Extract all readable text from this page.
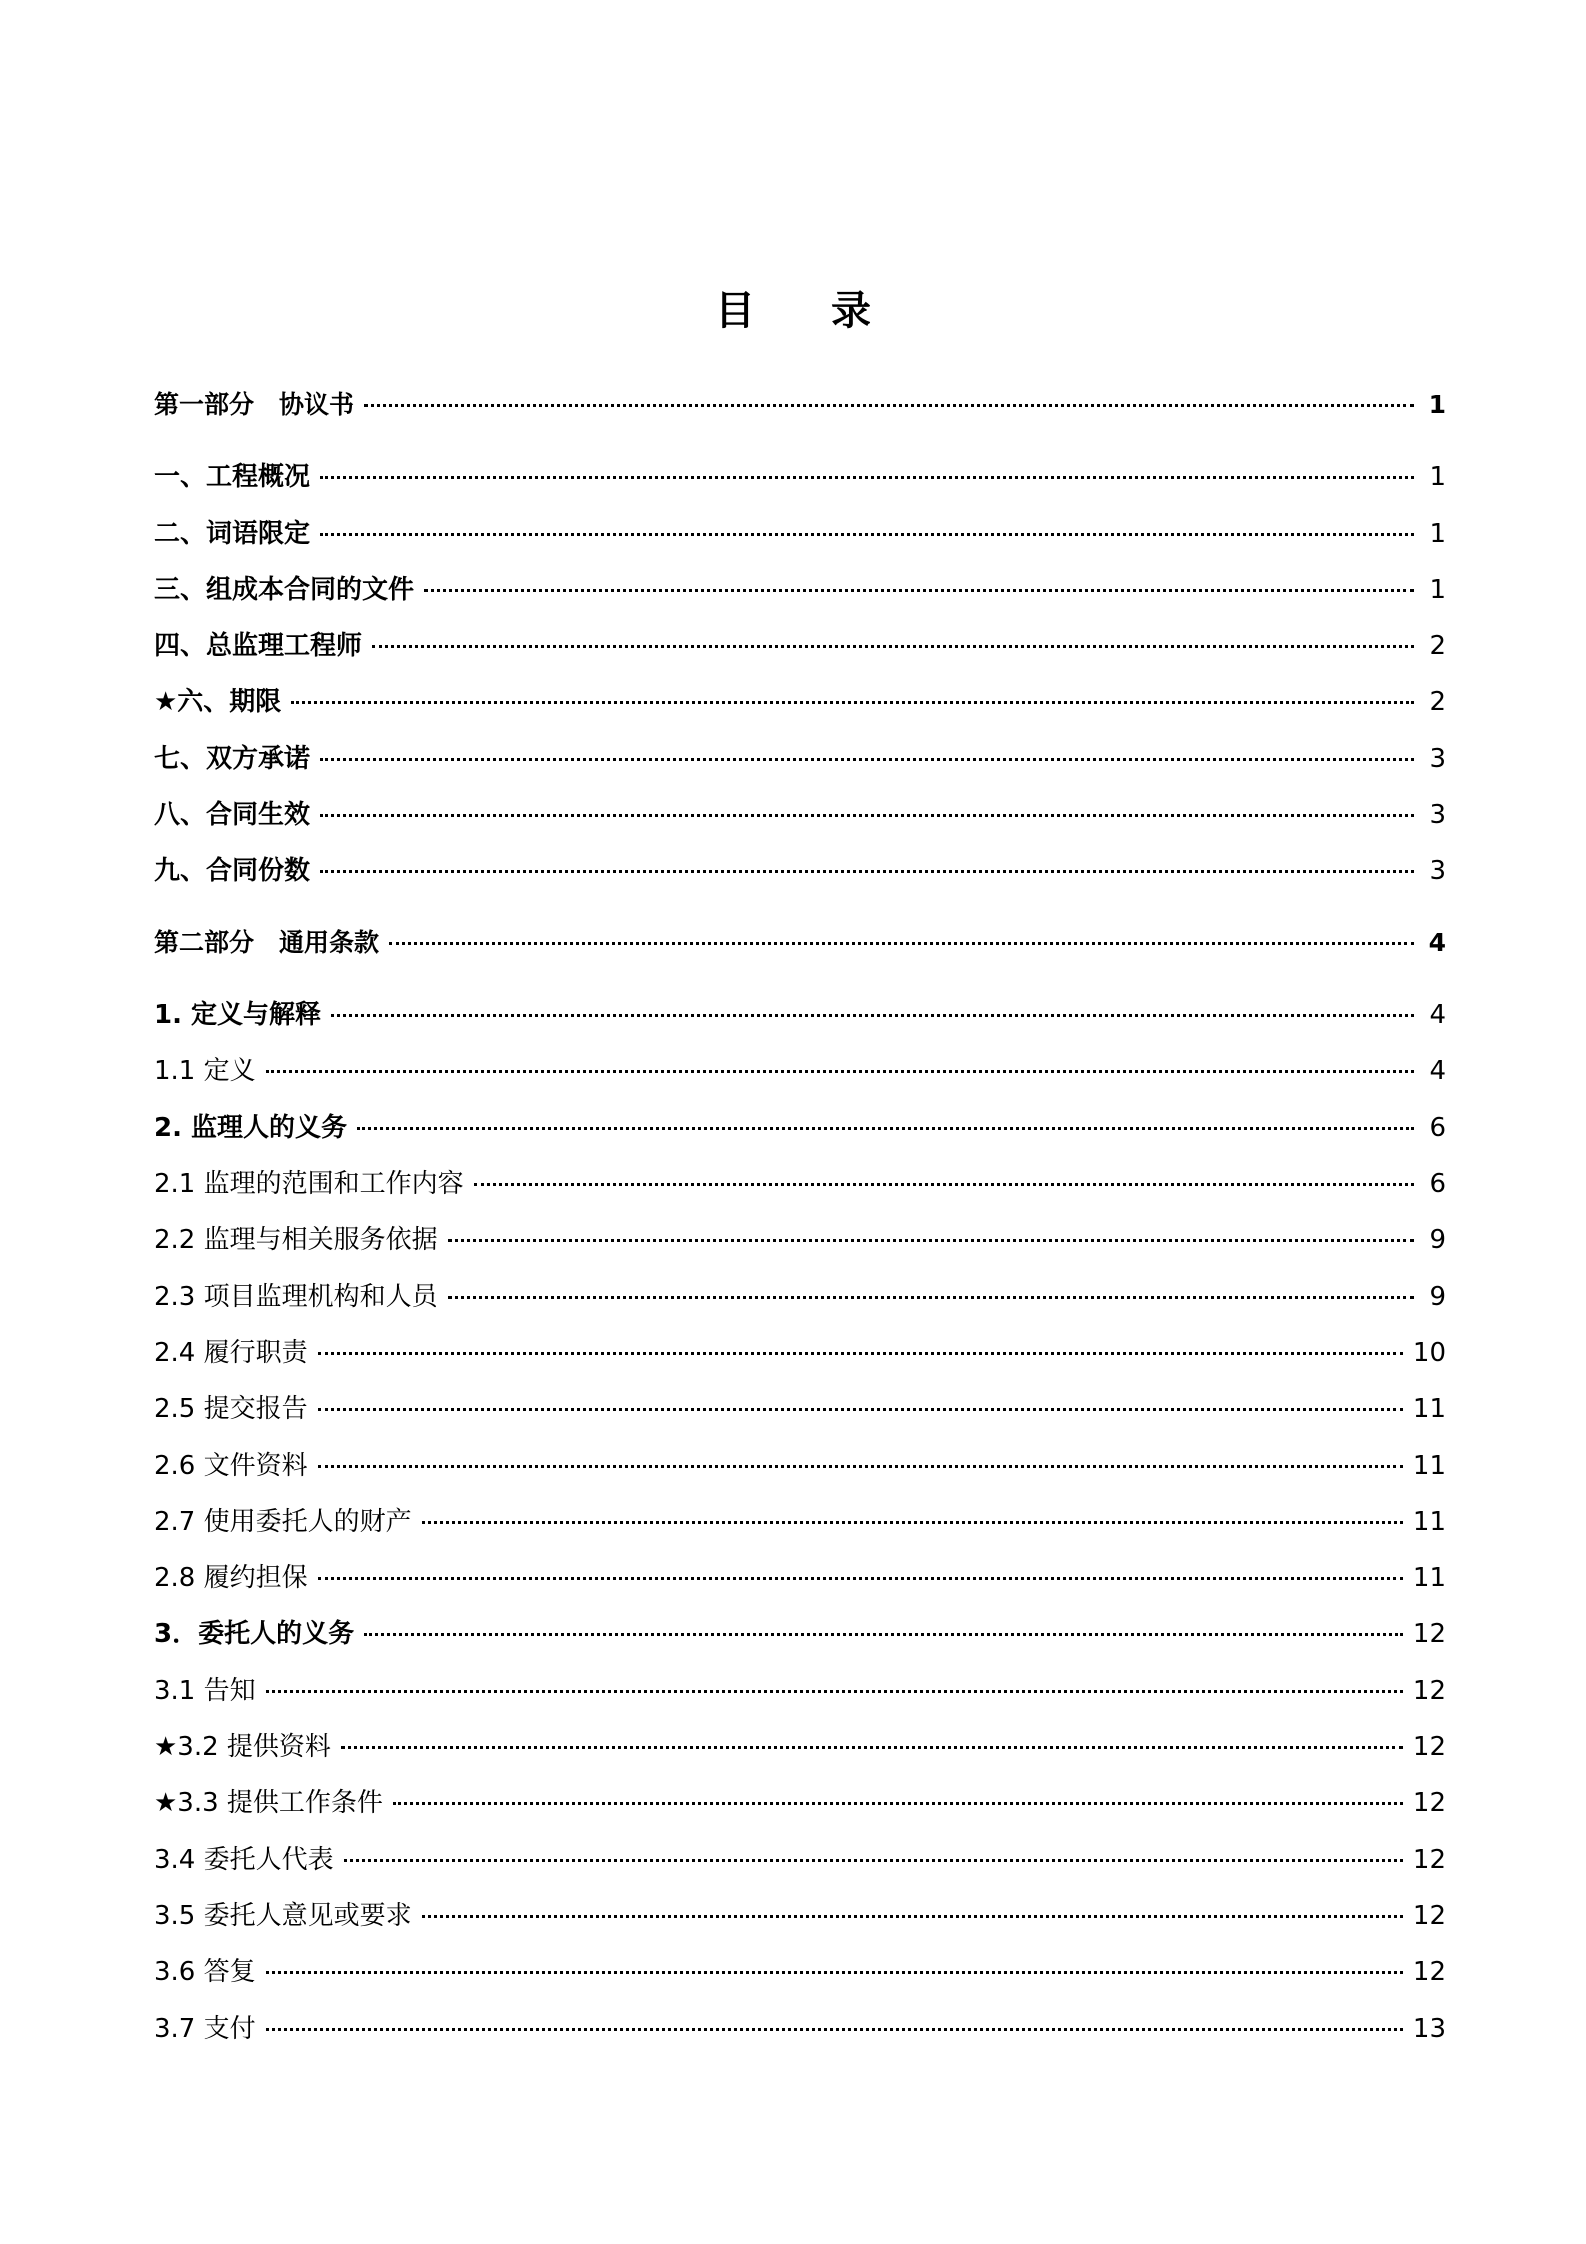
目 录
第一部分　协议书	1
一、工程概况	1
二、词语限定	1
三、组成本合同的文件	1
四、总监理工程师	2
★六、期限	2
七、双方承诺	3
八、合同生效	3
九、合同份数	3
第二部分　通用条款	4
1. 定义与解释	4
1.1 定义	4
2. 监理人的义务	6
2.1 监理的范围和工作内容	6
2.2 监理与相关服务依据	9
2.3 项目监理机构和人员	9
2.4 履行职责	10
2.5 提交报告	11
2.6 文件资料	11
2.7 使用委托人的财产	11
2.8 履约担保	11
3．委托人的义务	12
3.1 告知	12
★3.2 提供资料	12
★3.3 提供工作条件	12
3.4 委托人代表	12
3.5 委托人意见或要求	12
3.6 答复	12
3.7 支付	13
